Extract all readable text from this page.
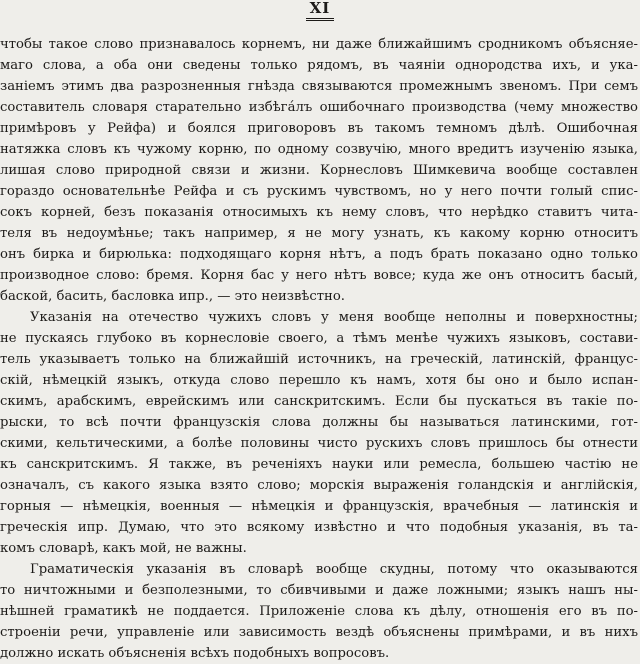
XI

чтобы такое слово признавалось корнемъ, ни даже ближайшимъ сродникомъ объясняе-

маго слова, а оба они сведены только рядомъ, въ чаянiи однородства ихъ, и ука-

занiемъ этимъ два разрозненныя гнѣзда связываются промежнымъ звеномъ. При семъ

составитель словаря старательно избѣгáлъ ошибочнаго производства (чему множество

примѣровъ у Рейфа) и боялся приговоровъ въ такомъ темномъ дѣлѣ. Ошибочная

натяжка словъ къ чужому корню, по одному созвучiю, много вредитъ изученiю языка,

лишая слово природной связи и жизни. Корнесловъ Шимкевича вообще составлен

гораздо основательнѣе Рейфа и съ рускимъ чувствомъ, но у него почти голый спис-

сокъ корней, безъ показанiя относимыхъ къ нему словъ, что нерѣдко ставитъ чита-

теля въ недоумѣнье; такъ например, я не могу узнать, къ какому корню относитъ

онъ бирка и бирюлька: подходящаго корня нѣтъ, а подъ брать показано одно только

производное слово: бремя. Корня бас у него нѣтъ вовсе; куда же онъ относитъ басый,

баской, басить, басловка ипр., — это неизвѣстно.

Указанiя на отечество чужихъ словъ у меня вообще неполны и поверхностны;

не пускаясь глубоко въ корнесловiе своего, а тѣмъ менѣе чужихъ языковъ, состави-

тель указываетъ только на ближайшiй источникъ, на греческiй, латинскiй, францус-

скiй, нѣмецкiй языкъ, откуда слово перешло къ намъ, хотя бы оно и было испан-

скимъ, арабскимъ, еврейскимъ или санскритскимъ. Если бы пускаться въ такiе по-

рыски, то всѣ почти французскiя слова должны бы называться латинскими, гот-

скими, кельтическими, а болѣе половины чисто рускихъ словъ пришлось бы отнести

къ санскритскимъ. Я также, въ реченiяхъ науки или ремесла, большею частiю не

означалъ, съ какого языка взято слово; морскiя выраженiя голандскiя и англiйскiя,

горныя — нѣмецкiя, военныя — нѣмецкiя и французскiя, врачебныя — латинскiя и

греческiя ипр. Думаю, что это всякому извѣстно и что подобныя указанiя, въ та-

комъ словарѣ, какъ мой, не важны.

Граматическiя указанiя въ словарѣ вообще скудны, потому что оказываются

то ничтожными и безполезными, то сбивчивыми и даже ложными; языкъ нашъ ны-

нѣшней граматикѣ не поддается. Приложенiе слова къ дѣлу, отношенiя его въ по-

строенiи речи, управленiе или зависимость вездѣ объяснены примѣрами, и въ нихъ

должно искать объясненiя всѣхъ подобныхъ вопросовъ.
